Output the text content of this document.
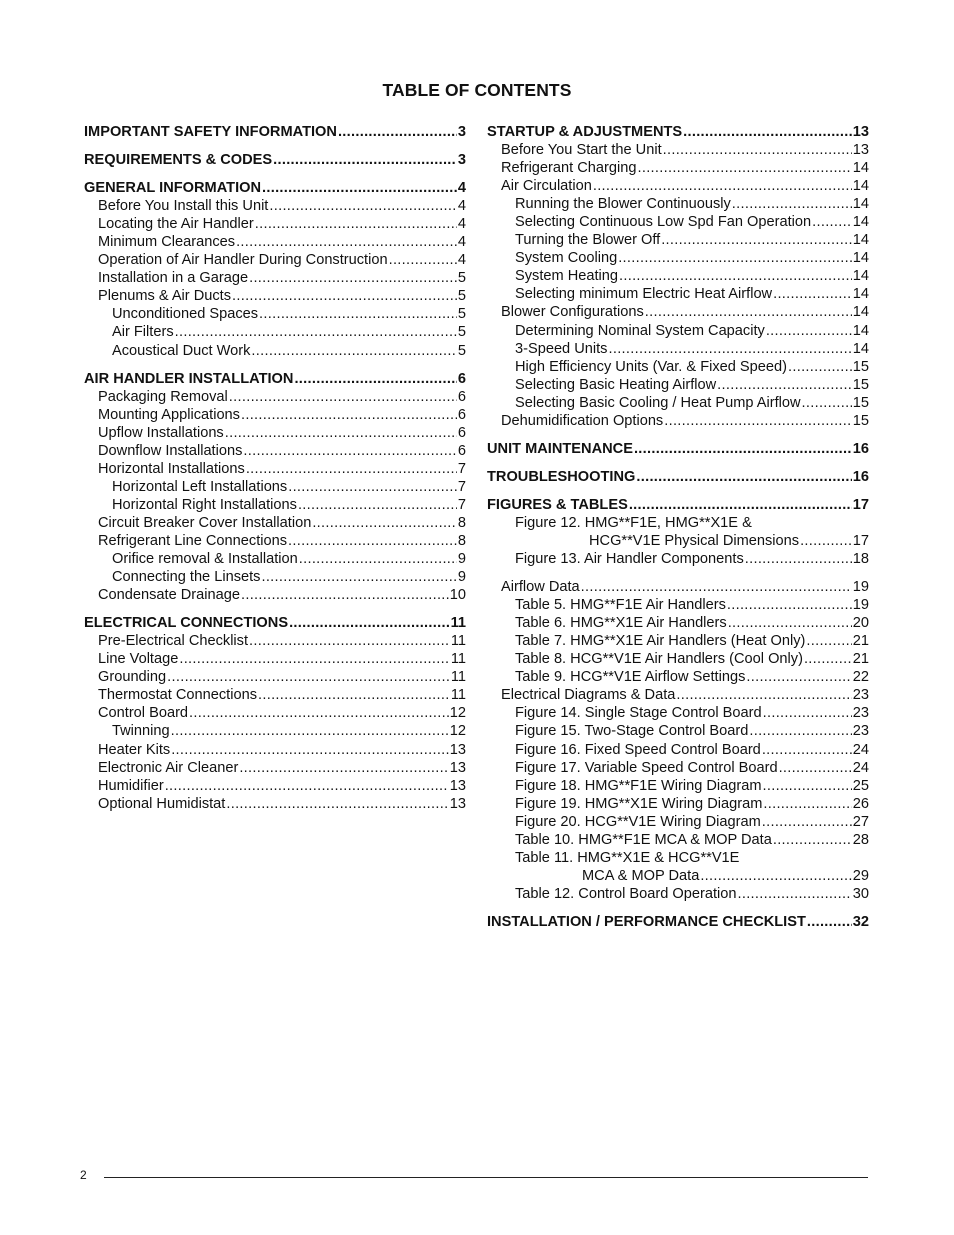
TABLE OF CONTENTS
IMPORTANT SAFETY INFORMATION .....	3
REQUIREMENTS & CODES .....	3
GENERAL INFORMATION .....	4
Before You Install this Unit .....	4
Locating the Air Handler .....	4
Minimum Clearances .....	4
Operation of Air Handler During Construction .....	4
Installation in a Garage .....	5
Plenums & Air Ducts .....	5
Unconditioned Spaces .....	5
Air Filters .....	5
Acoustical Duct Work .....	5
AIR HANDLER INSTALLATION .....	6
Packaging Removal .....	6
Mounting Applications .....	6
Upflow Installations .....	6
Downflow Installations .....	6
Horizontal Installations .....	7
Horizontal Left Installations .....	7
Horizontal Right Installations .....	7
Circuit Breaker Cover Installation .....	8
Refrigerant Line Connections .....	8
Orifice removal & Installation .....	9
Connecting the Linsets .....	9
Condensate Drainage .....	10
ELECTRICAL CONNECTIONS .....	11
Pre-Electrical Checklist .....	11
Line Voltage .....	11
Grounding .....	11
Thermostat Connections .....	11
Control Board .....	12
Twinning .....	12
Heater Kits .....	13
Electronic Air Cleaner .....	13
Humidifier .....	13
Optional Humidistat .....	13
STARTUP & ADJUSTMENTS .....	13
Before You Start the Unit .....	13
Refrigerant Charging .....	14
Air Circulation .....	14
Running the Blower Continuously .....	14
Selecting Continuous Low Spd Fan Operation .....	14
Turning the Blower Off .....	14
System Cooling .....	14
System Heating .....	14
Selecting minimum Electric Heat Airflow .....	14
Blower Configurations .....	14
Determining Nominal System Capacity .....	14
3-Speed Units .....	14
High Efficiency Units (Var. & Fixed Speed) .....	15
Selecting Basic Heating Airflow .....	15
Selecting Basic Cooling / Heat Pump Airflow .....	15
Dehumidification Options .....	15
UNIT MAINTENANCE .....	16
TROUBLESHOOTING .....	16
FIGURES & TABLES .....	17
Figure 12. HMG**F1E, HMG**X1E &
HCG**V1E Physical Dimensions .....	17
Figure 13. Air Handler Components .....	18
Airflow Data .....	19
Table 5. HMG**F1E Air Handlers .....	19
Table 6. HMG**X1E Air Handlers .....	20
Table 7. HMG**X1E Air Handlers (Heat Only) .....	21
Table 8. HCG**V1E Air Handlers (Cool Only) .....	21
Table 9. HCG**V1E Airflow Settings .....	22
Electrical Diagrams & Data .....	23
Figure 14. Single Stage Control Board .....	23
Figure 15. Two-Stage Control Board .....	23
Figure 16. Fixed Speed Control Board .....	24
Figure 17. Variable Speed Control Board .....	24
Figure 18. HMG**F1E Wiring Diagram .....	25
Figure 19. HMG**X1E Wiring Diagram .....	26
Figure 20. HCG**V1E Wiring Diagram .....	27
Table 10. HMG**F1E MCA & MOP Data .....	28
Table 11. HMG**X1E & HCG**V1E
MCA & MOP Data .....	29
Table 12. Control Board Operation .....	30
INSTALLATION / PERFORMANCE CHECKLIST .....	32
2
